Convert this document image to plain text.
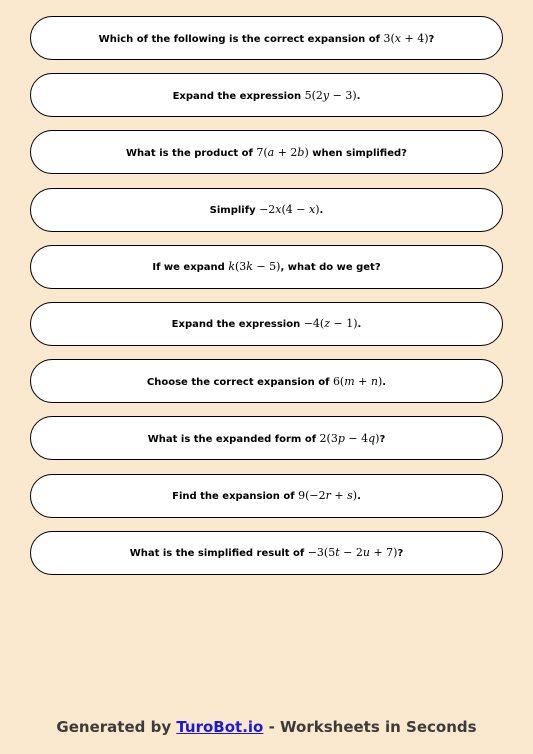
Which of the following is the correct expansion of 3(x + 4)?
Expand the expression 5(2y − 3).
What is the product of 7(a + 2b) when simplified?
Simplify −2x(4 − x).
If we expand k(3k − 5), what do we get?
Expand the expression −4(z − 1).
Choose the correct expansion of 6(m + n).
What is the expanded form of 2(3p − 4q)?
Find the expansion of 9(−2r + s).
What is the simplified result of −3(5t − 2u + 7)?
Generated by TuroBot.io - Worksheets in Seconds
